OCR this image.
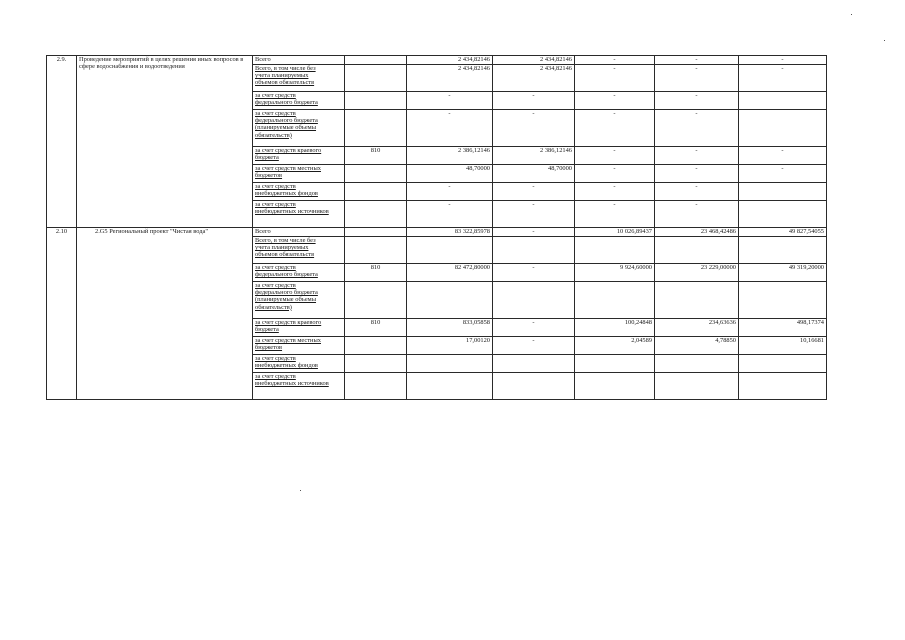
2.9.	Проведение мероприятий в целях решения иных вопросов в сфере водоснабжения и водоотведения	Всего		2 434,82146	2 434,82146	-	-	-
		Всего, в том числе без
учета планируемых
объемов обязательств		2 434,82146	2 434,82146	-	-	-
		за счет средств
федерального бюджета		-	-	-	-	
		за счет средств
федерального бюджета
(планируемые объемы
обязательств)		-	-	-	-	
		за счет средств краевого
бюджета	810	2 386,12146	2 386,12146	-	-	-
		за счет средств местных
бюджетов		48,70000	48,70000	-	-	-
		за счет средств
внебюджетных фондов		-	-	-	-	
		за счет средств
внебюджетных источников		-	-	-	-	
2.10	2.G5 Региональный проект "Чистая вода"	Всего		83 322,85978	-	10 026,89437	23 468,42486	49 827,54055
		Всего, в том числе без
учета планируемых
объемов обязательств						
		за счет средств
федерального бюджета	810	82 472,80000	-	9 924,60000	23 229,00000	49 319,20000
		за счет средств
федерального бюджета
(планируемые объемы
обязательств)						
		за счет средств краевого
бюджета	810	833,05858	-	100,24848	234,63636	498,17374
		за счет средств местных
бюджетов		17,00120	-	2,04589	4,78850	10,16681
		за счет средств
внебюджетных фондов						
		за счет средств
внебюджетных источников						
